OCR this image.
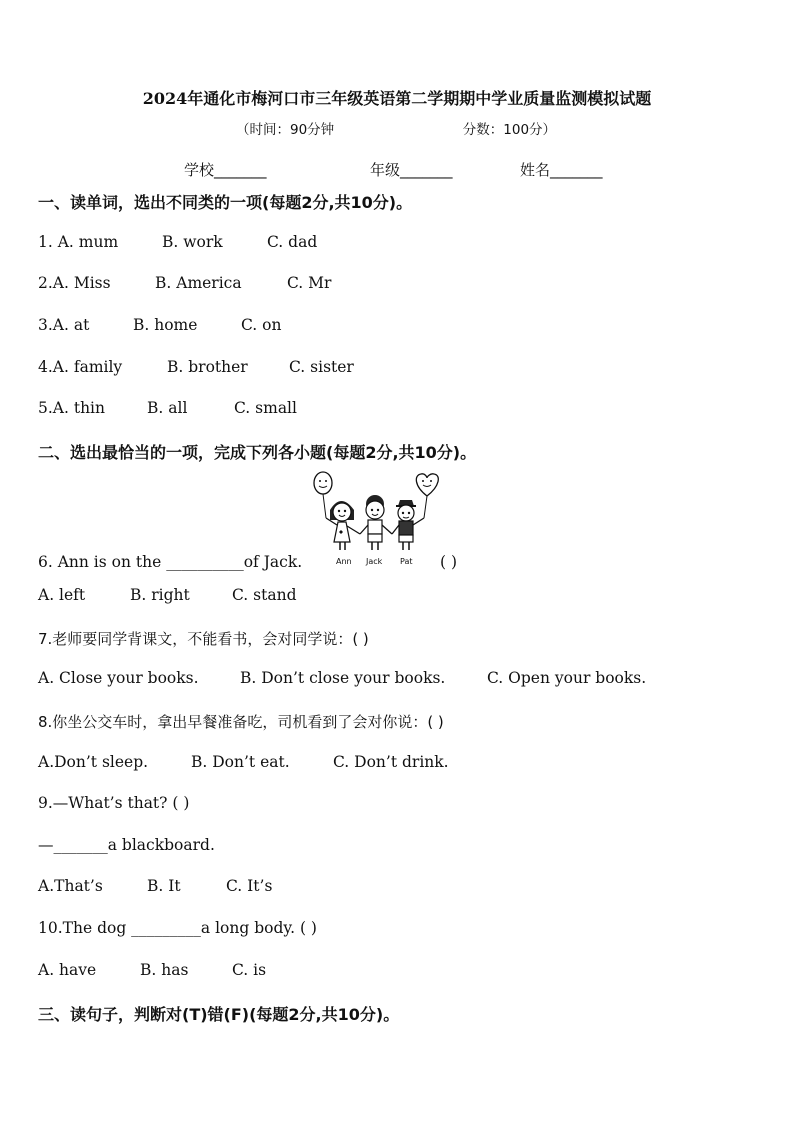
2024年通化市梅河口市三年级英语第二学期期中学业质量监测模拟试题
（时间：90分钟	分数：100分）
学校_______	年级_______	姓名_______
一、读单词，选出不同类的一项(每题2分,共10分)。
1. A. mum	B. work	C. dad
2.A. Miss	B. America	C. Mr
3.A. at	B. home	C. on
4.A. family	B. brother	C. sister
5.A. thin	B. all	C. small
二、选出最恰当的一项，完成下列各小题(每题2分,共10分)。
Ann Jack Pat
6. Ann is on the __________of Jack.	( )
A. left	B. right	C. stand
7.老师要同学背课文，不能看书，会对同学说：( )
A. Close your books.	B. Don’t close your books.	C. Open your books.
8.你坐公交车时，拿出早餐准备吃，司机看到了会对你说：( )
A.Don’t sleep.	B. Don’t eat.	C. Don’t drink.
9.—What’s that? ( )
—_______a blackboard.
A.That’s	B. It	C. It’s
10.The dog _________a long body. ( )
A. have	B. has	C. is
三、读句子，判断对(T)错(F)(每题2分,共10分)。
